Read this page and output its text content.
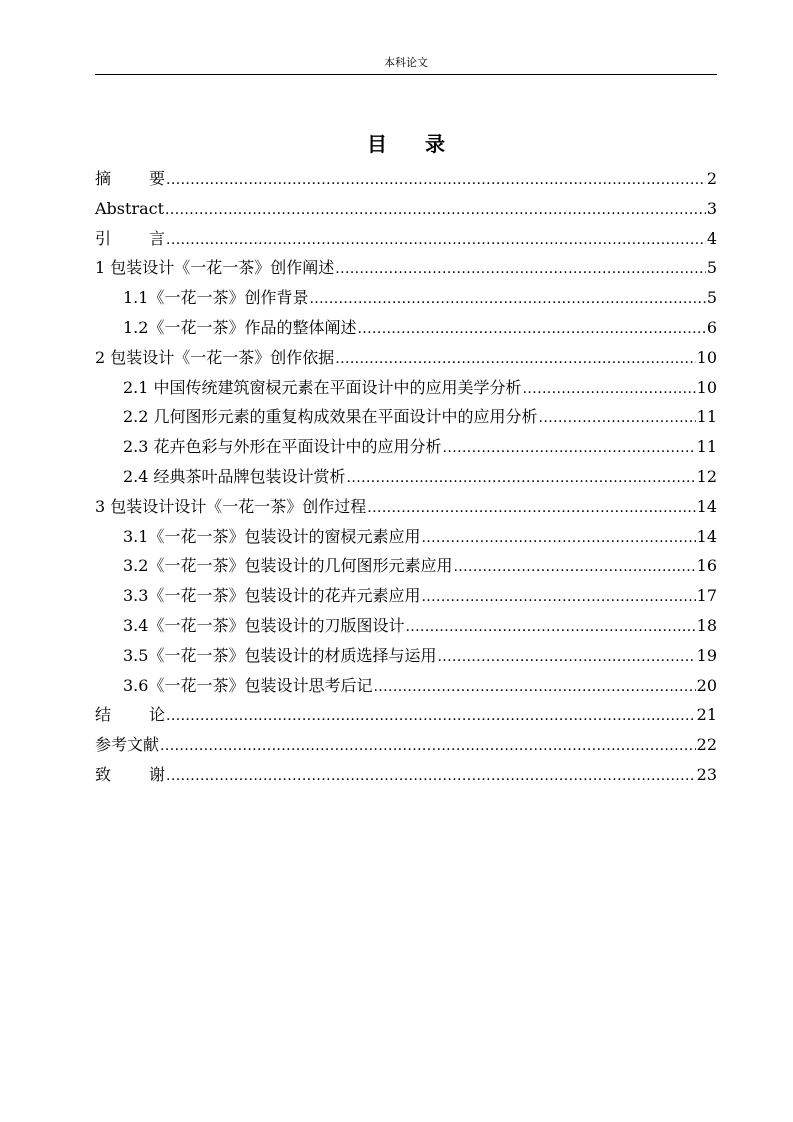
本科论文
目 录
摘 要 .....	2
Abstract .....	3
引 言 .....	4
1 包装设计《一花一茶》创作阐述 .....	5
1.1《一花一茶》创作背景 .....	5
1.2《一花一茶》作品的整体阐述 .....	6
2 包装设计《一花一茶》创作依据 .....	10
2.1 中国传统建筑窗棂元素在平面设计中的应用美学分析 .....	10
2.2 几何图形元素的重复构成效果在平面设计中的应用分析 .....	11
2.3 花卉色彩与外形在平面设计中的应用分析 .....	11
2.4 经典茶叶品牌包装设计赏析 .....	12
3 包装设计设计《一花一茶》创作过程 .....	14
3.1《一花一茶》包装设计的窗棂元素应用 .....	14
3.2《一花一茶》包装设计的几何图形元素应用 .....	16
3.3《一花一茶》包装设计的花卉元素应用 .....	17
3.4《一花一茶》包装设计的刀版图设计 .....	18
3.5《一花一茶》包装设计的材质选择与运用 .....	19
3.6《一花一茶》包装设计思考后记 .....	20
结 论 .....	21
参考文献 .....	22
致 谢 .....	23
